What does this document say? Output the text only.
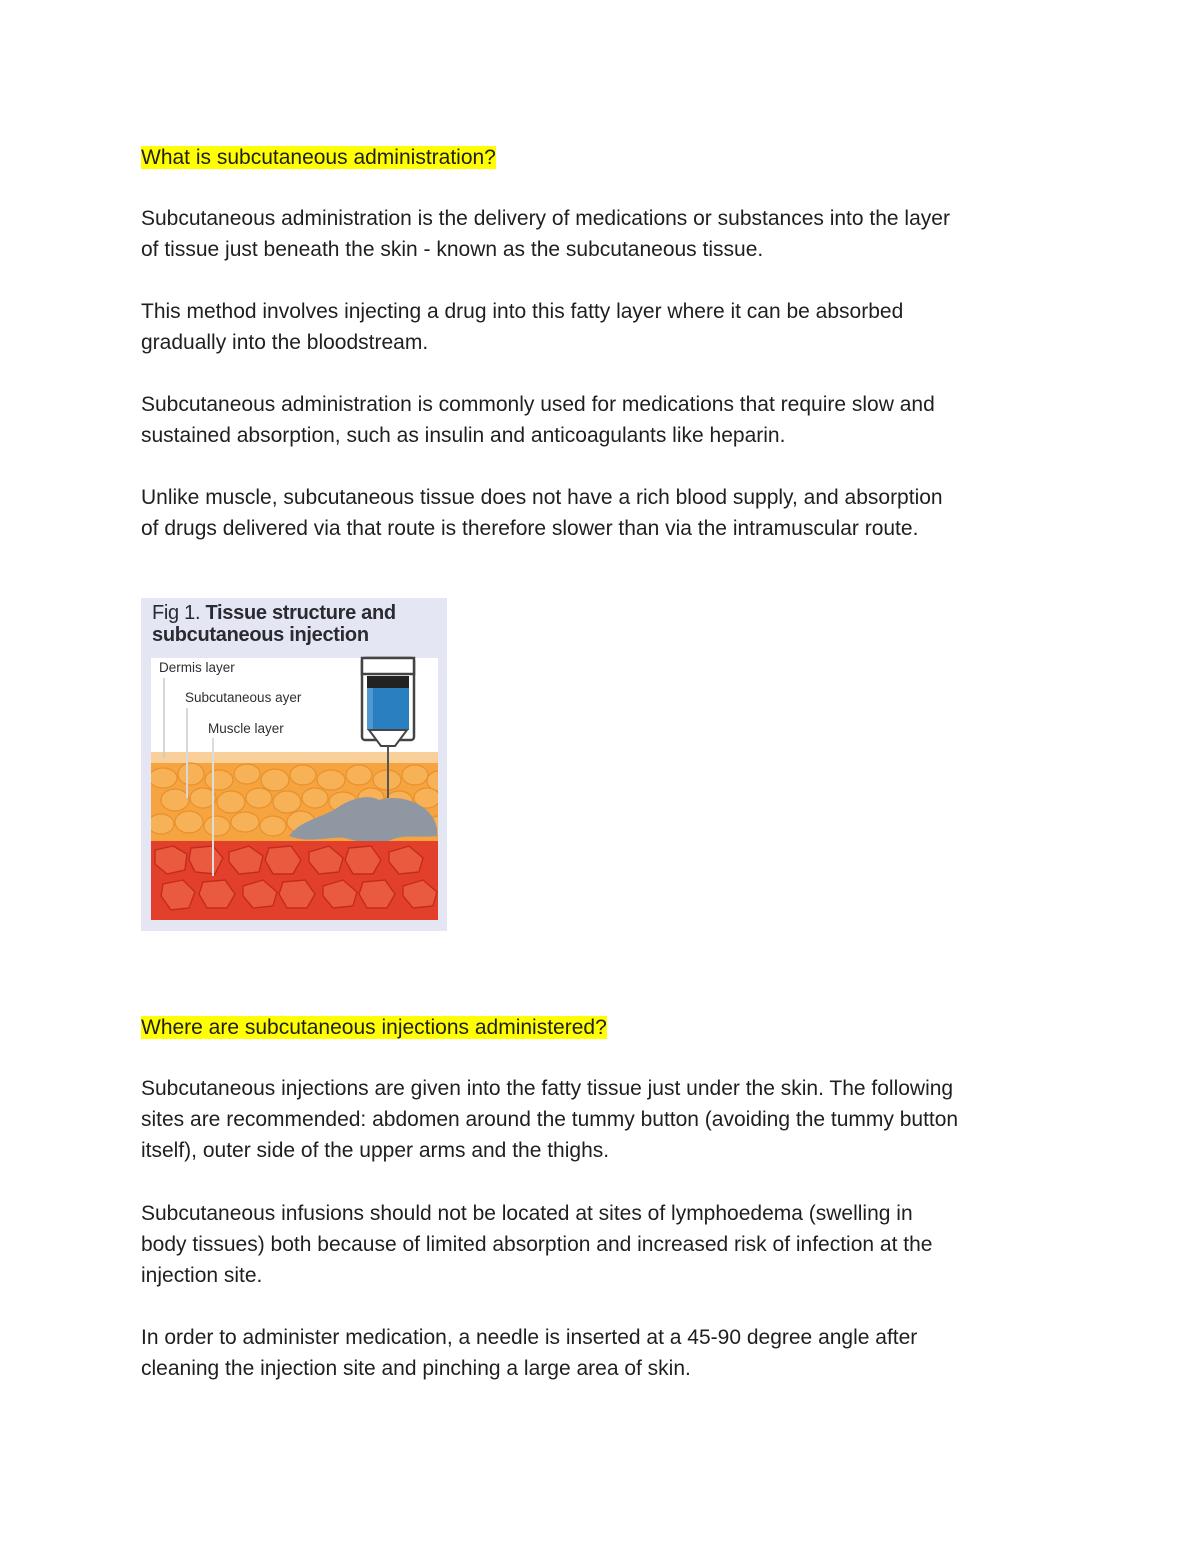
What is subcutaneous administration?

Subcutaneous administration is the delivery of medications or substances into the layer
of tissue just beneath the skin - known as the subcutaneous tissue.

This method involves injecting a drug into this fatty layer where it can be absorbed
gradually into the bloodstream.

Subcutaneous administration is commonly used for medications that require slow and
sustained absorption, such as insulin and anticoagulants like heparin.

Unlike muscle, subcutaneous tissue does not have a rich blood supply, and absorption
of drugs delivered via that route is therefore slower than via the intramuscular route.

Fig 1. Tissue structure and
subcutaneous injection
Dermis layer
Subcutaneous ayer
Muscle layer
Where are subcutaneous injections administered?

Subcutaneous injections are given into the fatty tissue just under the skin. The following
sites are recommended: abdomen around the tummy button (avoiding the tummy button
itself), outer side of the upper arms and the thighs.

Subcutaneous infusions should not be located at sites of lymphoedema (swelling in
body tissues) both because of limited absorption and increased risk of infection at the
injection site.

In order to administer medication, a needle is inserted at a 45-90 degree angle after
cleaning the injection site and pinching a large area of skin.
